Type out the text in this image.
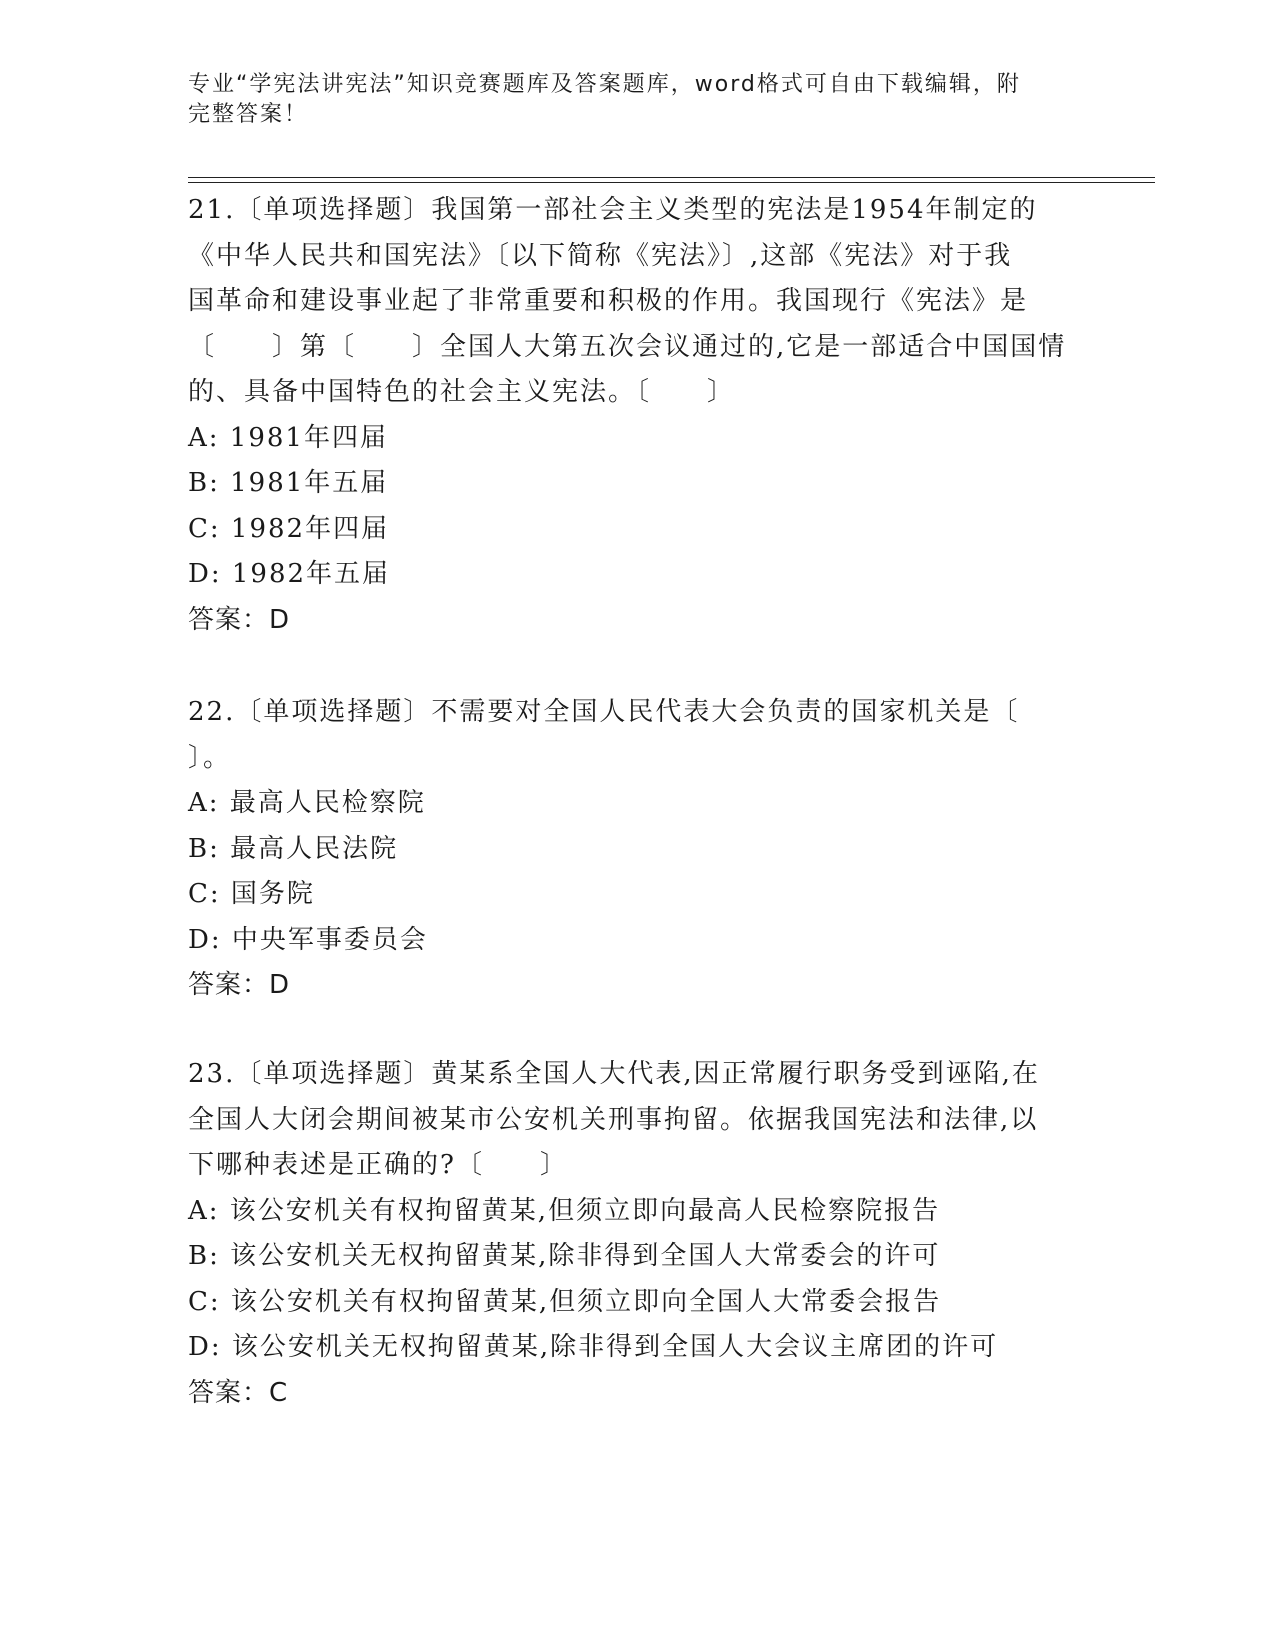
专业“学宪法讲宪法”知识竞赛题库及答案题库，word格式可自由下载编辑，附
完整答案！

21.〔单项选择题〕我国第一部社会主义类型的宪法是1954年制定的

《中华人民共和国宪法》〔以下简称《宪法》〕,这部《宪法》对于我

国革命和建设事业起了非常重要和积极的作用。我国现行《宪法》是

〔　　〕第〔　　〕全国人大第五次会议通过的,它是一部适合中国国情

的、具备中国特色的社会主义宪法。〔　　〕

A: 1981年四届

B: 1981年五届

C: 1982年四届

D: 1982年五届

答案：D

22.〔单项选择题〕不需要对全国人民代表大会负责的国家机关是〔

〕。

A: 最高人民检察院

B: 最高人民法院

C: 国务院

D: 中央军事委员会

答案：D

23.〔单项选择题〕黄某系全国人大代表,因正常履行职务受到诬陷,在

全国人大闭会期间被某市公安机关刑事拘留。依据我国宪法和法律,以

下哪种表述是正确的?〔　　〕

A: 该公安机关有权拘留黄某,但须立即向最高人民检察院报告

B: 该公安机关无权拘留黄某,除非得到全国人大常委会的许可

C: 该公安机关有权拘留黄某,但须立即向全国人大常委会报告

D: 该公安机关无权拘留黄某,除非得到全国人大会议主席团的许可

答案：C
